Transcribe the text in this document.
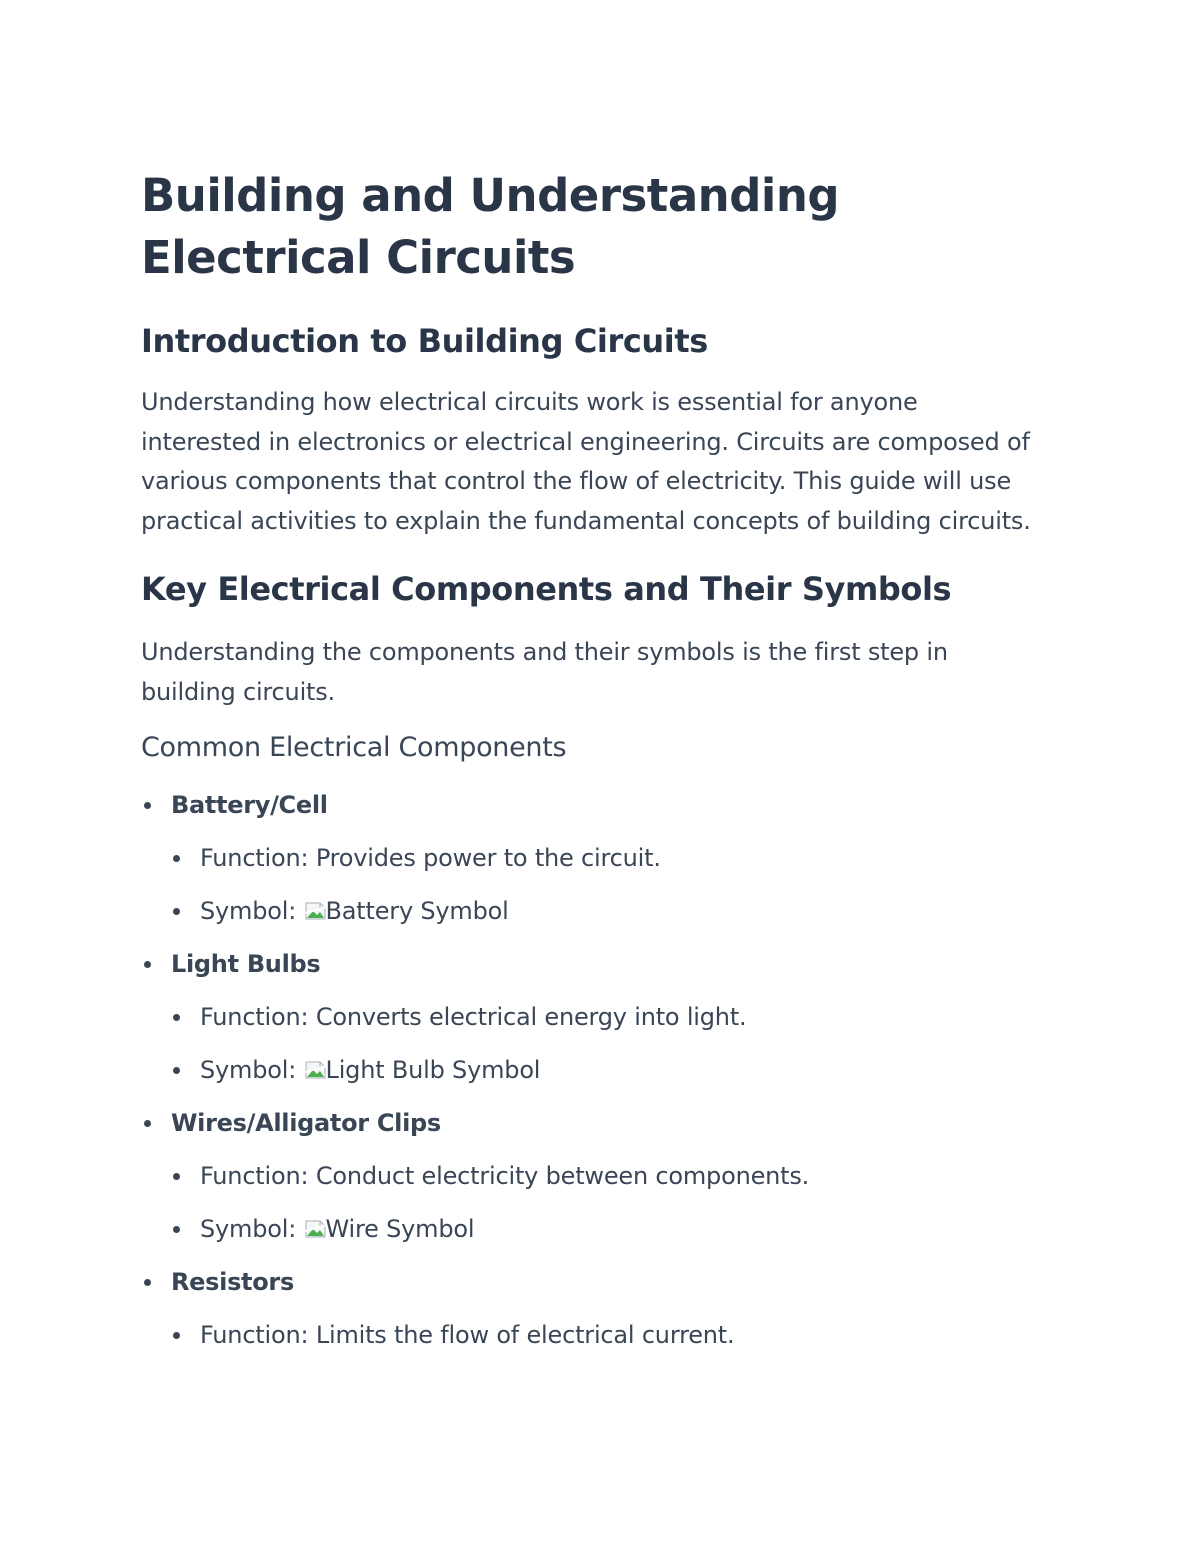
Building and Understanding Electrical Circuits
Introduction to Building Circuits

Understanding how electrical circuits work is essential for anyone interested in electronics or electrical engineering. Circuits are composed of various components that control the flow of electricity. This guide will use practical activities to explain the fundamental concepts of building circuits.

Key Electrical Components and Their Symbols

Understanding the components and their symbols is the first step in building circuits.

Common Electrical Components
Battery/Cell
Function: Provides power to the circuit.
Symbol: Battery Symbol
Light Bulbs
Function: Converts electrical energy into light.
Symbol: Light Bulb Symbol
Wires/Alligator Clips
Function: Conduct electricity between components.
Symbol: Wire Symbol
Resistors
Function: Limits the flow of electrical current.
